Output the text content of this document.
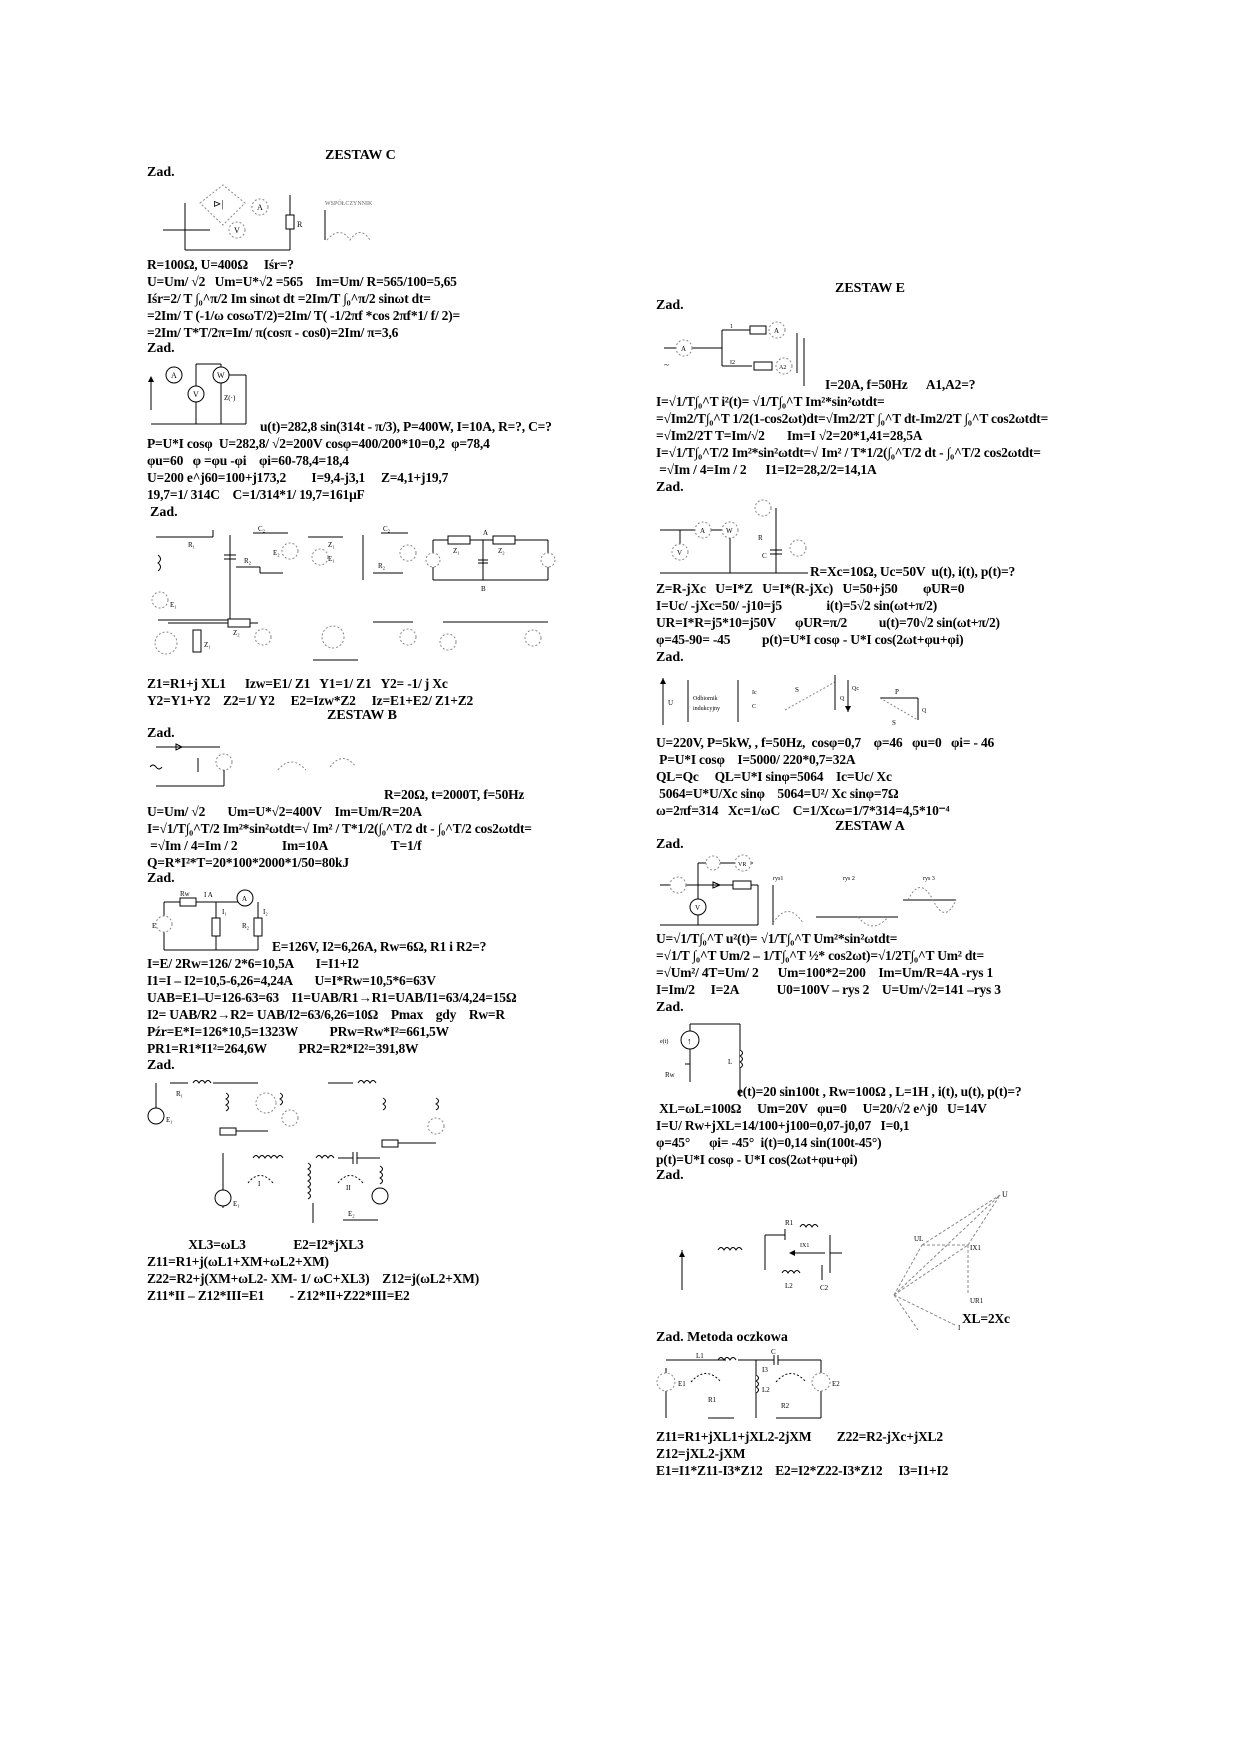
ZESTAW C
Zad.
⊳|
R
A
V
WSPÓŁCZYNNIK
R=100Ω, U=400Ω     Iśr=?
U=Um/ √2   Um=U*√2 =565    Im=Um/ R=565/100=5,65
Iśr=2/ T ∫₀^π/2 Im sinωt dt =2Im/T ∫₀^π/2 sinωt dt=
=2Im/ T (-1/ω cosωT/2)=2Im/ T( -1/2πf *cos 2πf*1/ f/ 2)=
=2Im/ T*T/2π=Im/ π(cosπ - cos0)=2Im/ π=3,6
Zad.
A
V
W
Z(·)
u(t)=282,8 sin(314t - π/3), P=400W, I=10A, R=?, C=?
P=U*I cosφ  U=282,8/ √2=200V cosφ=400/200*10=0,2  φ=78,4
φu=60   φ =φu -φi    φi=60-78,4=18,4
U=200 e^j60=100+j173,2        I=9,4-j3,1     Z=4,1+j19,7
19,7=1/ 314C    C=1/314*1/ 19,7=161μF
Zad.
R₁
E₁
R₂
C₂
E₂
E₁
Z₁
R₂
C₂
Z₁	Z₂
A
B
Z₁
Z₂
Z1=R1+j XL1      Izw=E1/ Z1   Y1=1/ Z1   Y2= -1/ j Xc
Y2=Y1+Y2    Z2=1/ Y2     E2=Izw*Z2     Iz=E1+E2/ Z1+Z2
ZESTAW B
Zad.
R=20Ω, t=2000T, f=50Hz
U=Um/ √2       Um=U*√2=400V    Im=Um/R=20A
I=√1/T∫₀^T/2 Im²*sin²ωtdt=√ Im² / T*1/2(∫₀^T/2 dt - ∫₀^T/2 cos2ωtdt=
=√Im / 4=Im / 2              Im=10A                    T=1/f
Q=R*I²*T=20*100*2000*1/50=80kJ
Zad.
Rw I A	A
I₁	I₂
R₂
E
E=126V, I2=6,26A, Rw=6Ω, R1 i R2=?
I=E/ 2Rw=126/ 2*6=10,5A       I=I1+I2
I1=I – I2=10,5-6,26=4,24A       U=I*Rw=10,5*6=63V
UAB=E1–U=126-63=63    I1=UAB/R1→R1=UAB/I1=63/4,24=15Ω
I2= UAB/R2→R2= UAB/I2=63/6,26=10Ω    Pmax    gdy    Rw=R
Pźr=E*I=126*10,5=1323W          PRw=Rw*I²=661,5W
PR1=R1*I1²=264,6W          PR2=R2*I2²=391,8W
Zad.
E₁
R₁
E₁
I	II
E₂
XL3=ωL3               E2=I2*jXL3
Z11=R1+j(ωL1+XM+ωL2+XM)
Z22=R2+j(XM+ωL2- XM- 1/ ωC+XL3)    Z12=j(ωL2+XM)
Z11*II – Z12*III=E1        - Z12*II+Z22*III=E2
ZESTAW E
Zad.
A
A
A2
~
1
I2
I=20A, f=50Hz      A1,A2=?
I=√1/T∫₀^T i²(t)= √1/T∫₀^T Im²*sin²ωtdt=
=√Im2/T∫₀^T 1/2(1-cos2ωt)dt=√Im2/2T ∫₀^T dt-Im2/2T ∫₀^T cos2ωtdt=
=√Im2/2T T=Im/√2       Im=I √2=20*1,41=28,5A
I=√1/T∫₀^T/2 Im²*sin²ωtdt=√ Im² / T*1/2(∫₀^T/2 dt - ∫₀^T/2 cos2ωtdt=
=√Im / 4=Im / 2      I1=I2=28,2/2=14,1A
Zad.
V
A	W
C
R
R=Xc=10Ω, Uc=50V  u(t), i(t), p(t)=?
Z=R-jXc   U=I*Z   U=I*(R-jXc)   U=50+j50        φUR=0
I=Uc/ -jXc=50/ -j10=j5              i(t)=5√2 sin(ωt+π/2)
UR=I*R=j5*10=j50V      φUR=π/2          u(t)=70√2 sin(ωt+π/2)
φ=45-90= -45          p(t)=U*I cosφ - U*I cos(2ωt+φu+φi)
Zad.
U	Odbiornik
indukcyjny
Ic
C
S
Q
Qc	P
Q
S
U=220V, P=5kW, , f=50Hz,  cosφ=0,7    φ=46   φu=0   φi= - 46
P=U*I cosφ    I=5000/ 220*0,7=32A
QL=Qc     QL=U*I sinφ=5064    Ic=Uc/ Xc
5064=U*U/Xc sinφ    5064=U²/ Xc sinφ=7Ω
ω=2πf=314   Xc=1/ωC    C=1/Xcω=1/7*314=4,5*10⁻⁴
ZESTAW A
Zad.
VR
V
rys1	rys 2	rys 3
U=√1/T∫₀^T u²(t)= √1/T∫₀^T Um²*sin²ωtdt=
=√1/T ∫₀^T Um/2 – 1/T∫₀^T ½* cos2ωt)=√1/2T∫₀^T Um² dt=
=√Um²/ 4T=Um/ 2      Um=100*2=200    Im=Um/R=4A -rys 1
I=Im/2     I=2A            U0=100V – rys 2    U=Um/√2=141 –rys 3
Zad.
↑
L
e(t)
Rw
e(t)=20 sin100t , Rw=100Ω , L=1H , i(t), u(t), p(t)=?
XL=ωL=100Ω     Um=20V   φu=0     U=20/√2 e^j0   U=14V
I=U/ Rw+jXL=14/100+j100=0,07-j0,07   I=0,1
φ=45°      φi= -45°  i(t)=0,14 sin(100t-45°)
p(t)=U*I cosφ - U*I cos(2ωt+φu+φi)
Zad.
R1
IX1
L2	C2
U
UL
IX1
UR1
I
XL=2Xc
Zad. Metoda oczkowa
L1	C
E2
E1
I3
L2
R1
R2
Z11=R1+jXL1+jXL2-2jXM        Z22=R2-jXc+jXL2
Z12=jXL2-jXM
E1=I1*Z11-I3*Z12    E2=I2*Z22-I3*Z12     I3=I1+I2
